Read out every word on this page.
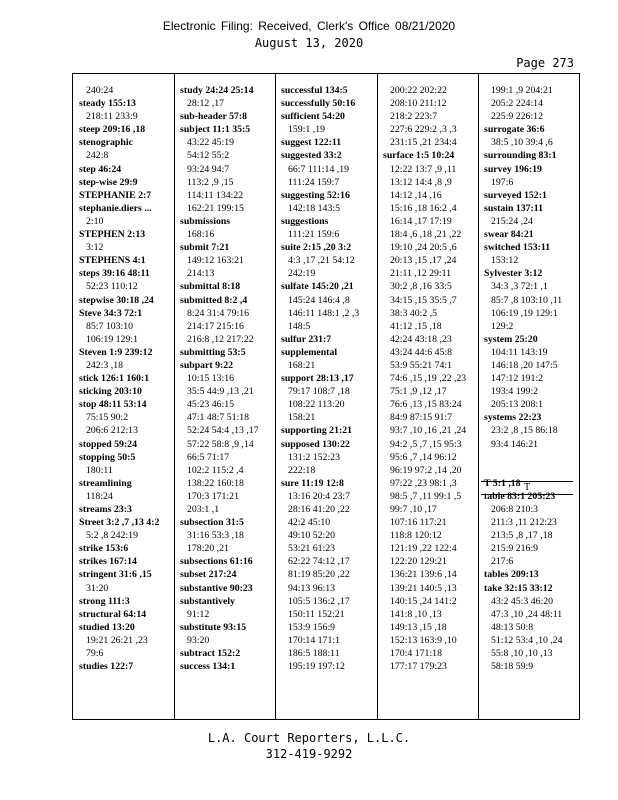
Electronic Filing: Received, Clerk's Office 08/21/2020
August 13, 2020
Page 273
240:24
steady 155:13
218:11 233:9
steep 209:16 ,18
stenographic
242:8
step 46:24
step-wise 29:9
STEPHANIE 2:7
stephanie.diers ...
2:10
STEPHEN 2:13
3:12
STEPHENS 4:1
steps 39:16 48:11
52:23 110:12
stepwise 30:18 ,24
Steve 34:3 72:1
85:7 103:10
106:19 129:1
Steven 1:9 239:12
242:3 ,18
stick 126:1 160:1
sticking 203:10
stop 48:11 53:14
75:15 90:2
206:6 212:13
stopped 59:24
stopping 50:5
180:11
streamlining
118:24
streams 23:3
Street 3:2 ,7 ,13 4:2
5:2 ,8 242:19
strike 153:6
strikes 167:14
stringent 31:6 ,15
31:20
strong 111:3
structural 64:14
studied 13:20
19:21 26:21 ,23
79:6
studies 122:7
study 24:24 25:14
28:12 ,17
sub-header 57:8
subject 11:1 35:5
43:22 45:19
54:12 55:2
93:24 94:7
113:2 ,9 ,15
114:11 134:22
162:21 199:15
submissions
168:16
submit 7:21
149:12 163:21
214:13
submittal 8:18
submitted 8:2 ,4
8:24 31:4 79:16
214:17 215:16
216:8 ,12 217:22
submitting 53:5
subpart 9:22
10:15 13:16
35:5 44:9 ,13 ,21
45:23 46:15
47:1 48:7 51:18
52:24 54:4 ,13 ,17
57:22 58:8 ,9 ,14
66:5 71:17
102:2 115:2 ,4
138:22 160:18
170:3 171:21
203:1 ,1
subsection 31:5
31:16 53:3 ,18
178:20 ,21
subsections 61:16
subset 217:24
substantive 90:23
substantively
91:12
substitute 93:15
93:20
subtract 152:2
success 134:1
successful 134:5
successfully 50:16
sufficient 54:20
159:1 ,19
suggest 122:11
suggested 33:2
66:7 111:14 ,19
111:24 159:7
suggesting 52:16
142:18 143:5
suggestions
111:21 159:6
suite 2:15 ,20 3:2
4:3 ,17 ,21 54:12
242:19
sulfate 145:20 ,21
145:24 146:4 ,8
146:11 148:1 ,2 ,3
148:5
sulfur 231:7
supplemental
168:21
support 28:13 ,17
79:17 108:7 ,18
108:22 113:20
158:21
supporting 21:21
supposed 130:22
131:2 152:23
222:18
sure 11:19 12:8
13:16 20:4 23:7
28:16 41:20 ,22
42:2 45:10
49:10 52:20
53:21 61:23
62:22 74:12 ,17
81:19 85:20 ,22
94:13 96:13
105:5 136:2 ,17
150:11 152:21
153:9 156:9
170:14 171:1
186:5 188:11
195:19 197:12
200:22 202:22
208:10 211:12
218:2 223:7
227:6 229:2 ,3 ,3
231:15 ,21 234:4
surface 1:5 10:24
12:22 13:7 ,9 ,11
13:12 14:4 ,8 ,9
14:12 ,14 ,16
15:16 ,18 16:2 ,4
16:14 ,17 17:19
18:4 ,6 ,18 ,21 ,22
19:10 ,24 20:5 ,6
20:13 ,15 ,17 ,24
21:11 ,12 29:11
30:2 ,8 ,16 33:5
34:15 ,15 35:5 ,7
38:3 40:2 ,5
41:12 ,15 ,18
42:24 43:18 ,23
43:24 44:6 45:8
53:9 55:21 74:1
74:6 ,15 ,19 ,22 ,23
75:1 ,9 ,12 ,17
76:6 ,13 ,15 83:24
84:9 87:15 91:7
93:7 ,10 ,16 ,21 ,24
94:2 ,5 ,7 ,15 95:3
95:6 ,7 ,14 96:12
96:19 97:2 ,14 ,20
97:22 ,23 98:1 ,3
98:5 ,7 ,11 99:1 ,5
99:7 ,10 ,17
107:16 117:21
118:8 120:12
121:19 ,22 122:4
122:20 129:21
136:21 139:6 ,14
139:21 140:5 ,13
140:15 ,24 141:2
141:8 ,10 ,13
149:13 ,15 ,18
152:13 163:9 ,10
170:4 171:18
177:17 179:23
199:1 ,9 204:21
205:2 224:14
225:9 226:12
surrogate 36:6
38:5 ,10 39:4 ,6
surrounding 83:1
survey 196:19
197:6
surveyed 152:1
sustain 137:11
215:24 ,24
swear 84:21
switched 153:11
153:12
Sylvester 3:12
34:3 ,3 72:1 ,1
85:7 ,8 103:10 ,11
106:19 ,19 129:1
129:2
system 25:20
104:11 143:19
146:18 ,20 147:5
147:12 191:2
193:4 199:2
205:13 208:1
systems 22:23
23:2 ,8 ,15 86:18
93:4 146:21
T 5:1 ,18
table 83:1 205:23
206:8 210:3
211:3 ,11 212:23
213:5 ,8 ,17 ,18
215:9 216:9
217:6
tables 209:13
take 32:15 33:12
43:2 45:3 46:20
47:3 ,10 ,24 48:11
48:13 50:8
51:12 53:4 ,10 ,24
55:8 ,10 ,10 ,13
58:18 59:9
T
L.A. Court Reporters, L.L.C.
312-419-9292
